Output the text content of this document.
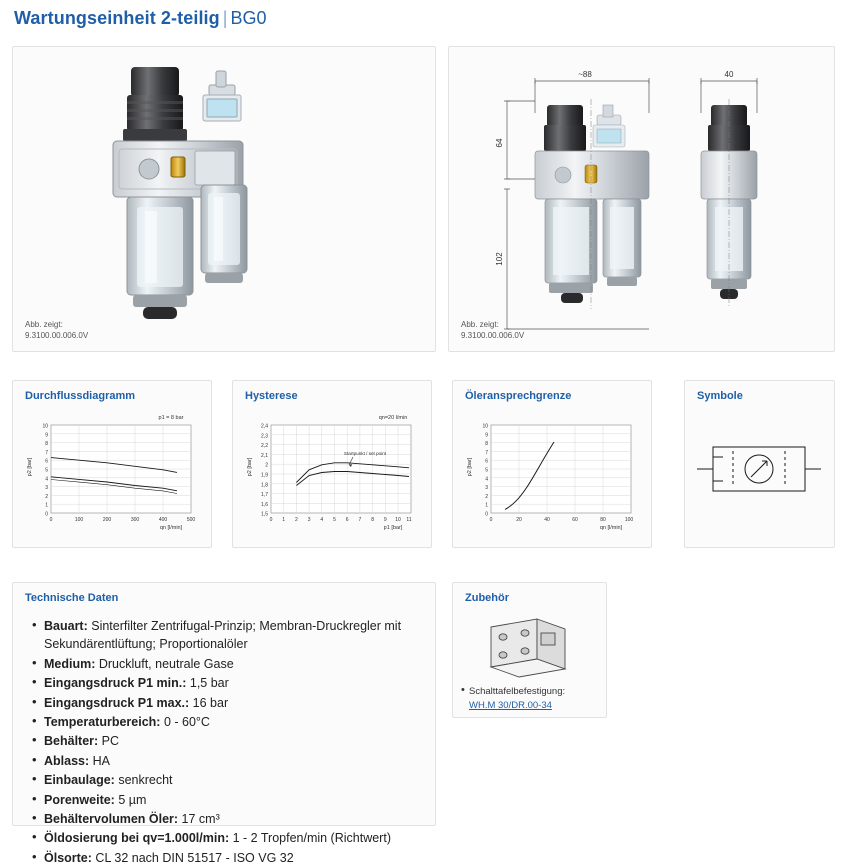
Wartungseinheit 2-teilig | BG0
Abb. zeigt:
9.3100.00.006.0V
~88	40
64
102
Abb. zeigt:
9.3100.00.006.0V
Durchflussdiagramm
p1 = 8 bar
p2 [bar]
qn [l/min]
10
9
8
7
6
5
4
3
2
1
0
0	100	200	300	400	500
Hysterese
qn=20 l/min
p2 [bar]
p1 [bar]
2,4
2,3
2,2
2,1
2
1,9
1,8
1,7
1,6
1,5
0 1 2 3 4 5 6 7 8 9 10 11
Startpunkt / set point
Öleransprechgrenze
p2 [bar]
qn [l/min]
10
9
8
7
6
5
4
3
2
1
0
0	20	40	60	80	100
Symbole
Technische Daten
• Bauart: Sinterfilter Zentrifugal-Prinzip; Membran-Druckregler mit Sekundärentlüftung; Proportionalöler
• Medium: Druckluft, neutrale Gase
• Eingangsdruck P1 min.: 1,5 bar
• Eingangsdruck P1 max.: 16 bar
• Temperaturbereich: 0 - 60°C
• Behälter: PC
• Ablass: HA
• Einbaulage: senkrecht
• Porenweite: 5 µm
• Behältervolumen Öler: 17 cm³
• Öldosierung bei qv=1.000l/min: 1 - 2 Tropfen/min (Richtwert)
• Ölsorte: CL 32 nach DIN 51517 - ISO VG 32
Zubehör
• Schalttafelbefestigung:
WH.M 30/DR.00-34
